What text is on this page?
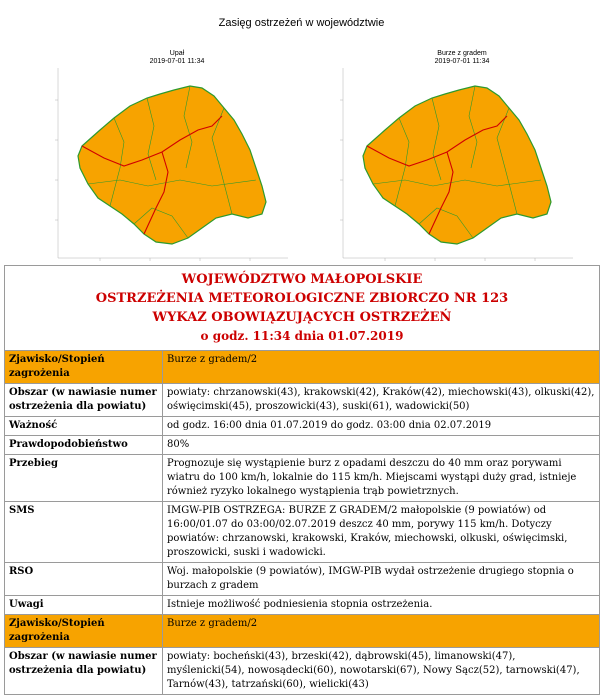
Zasięg ostrzeżeń w województwie
Upał
2019-07-01 11:34
Burze z gradem
2019-07-01 11:34
WOJEWÓDZTWO MAŁOPOLSKIE
OSTRZEŻENIA METEOROLOGICZNE ZBIORCZO NR 123
WYKAZ OBOWIĄZUJĄCYCH OSTRZEŻEŃ
o godz. 11:34 dnia 01.07.2019	

Zjawisko/Stopień zagrożenia	Burze z gradem/2
Obszar (w nawiasie numer ostrzeżenia dla powiatu)	powiaty: chrzanowski(43), krakowski(42), Kraków(42), miechowski(43), olkuski(42), oświęcimski(45), proszowicki(43), suski(61), wadowicki(50)
Ważność	od godz. 16:00 dnia 01.07.2019 do godz. 03:00 dnia 02.07.2019
Prawdopodobieństwo	80%
Przebieg	Prognozuje się wystąpienie burz z opadami deszczu do 40 mm oraz porywami wiatru do 100 km/h, lokalnie do 115 km/h. Miejscami wystąpi duży grad, istnieje również ryzyko lokalnego wystąpienia trąb powietrznych.
SMS	IMGW-PIB OSTRZEGA: BURZE Z GRADEM/2 małopolskie (9 powiatów) od 16:00/01.07 do 03:00/02.07.2019 deszcz 40 mm, porywy 115 km/h. Dotyczy powiatów: chrzanowski, krakowski, Kraków, miechowski, olkuski, oświęcimski, proszowicki, suski i wadowicki.
RSO	Woj. małopolskie (9 powiatów), IMGW-PIB wydał ostrzeżenie drugiego stopnia o burzach z gradem
Uwagi	Istnieje możliwość podniesienia stopnia ostrzeżenia.
Zjawisko/Stopień zagrożenia	Burze z gradem/2
Obszar (w nawiasie numer ostrzeżenia dla powiatu)	powiaty: bocheński(43), brzeski(42), dąbrowski(45), limanowski(47), myślenicki(54), nowosądecki(60), nowotarski(67), Nowy Sącz(52), tarnowski(47), Tarnów(43), tatrzański(60), wielicki(43)
